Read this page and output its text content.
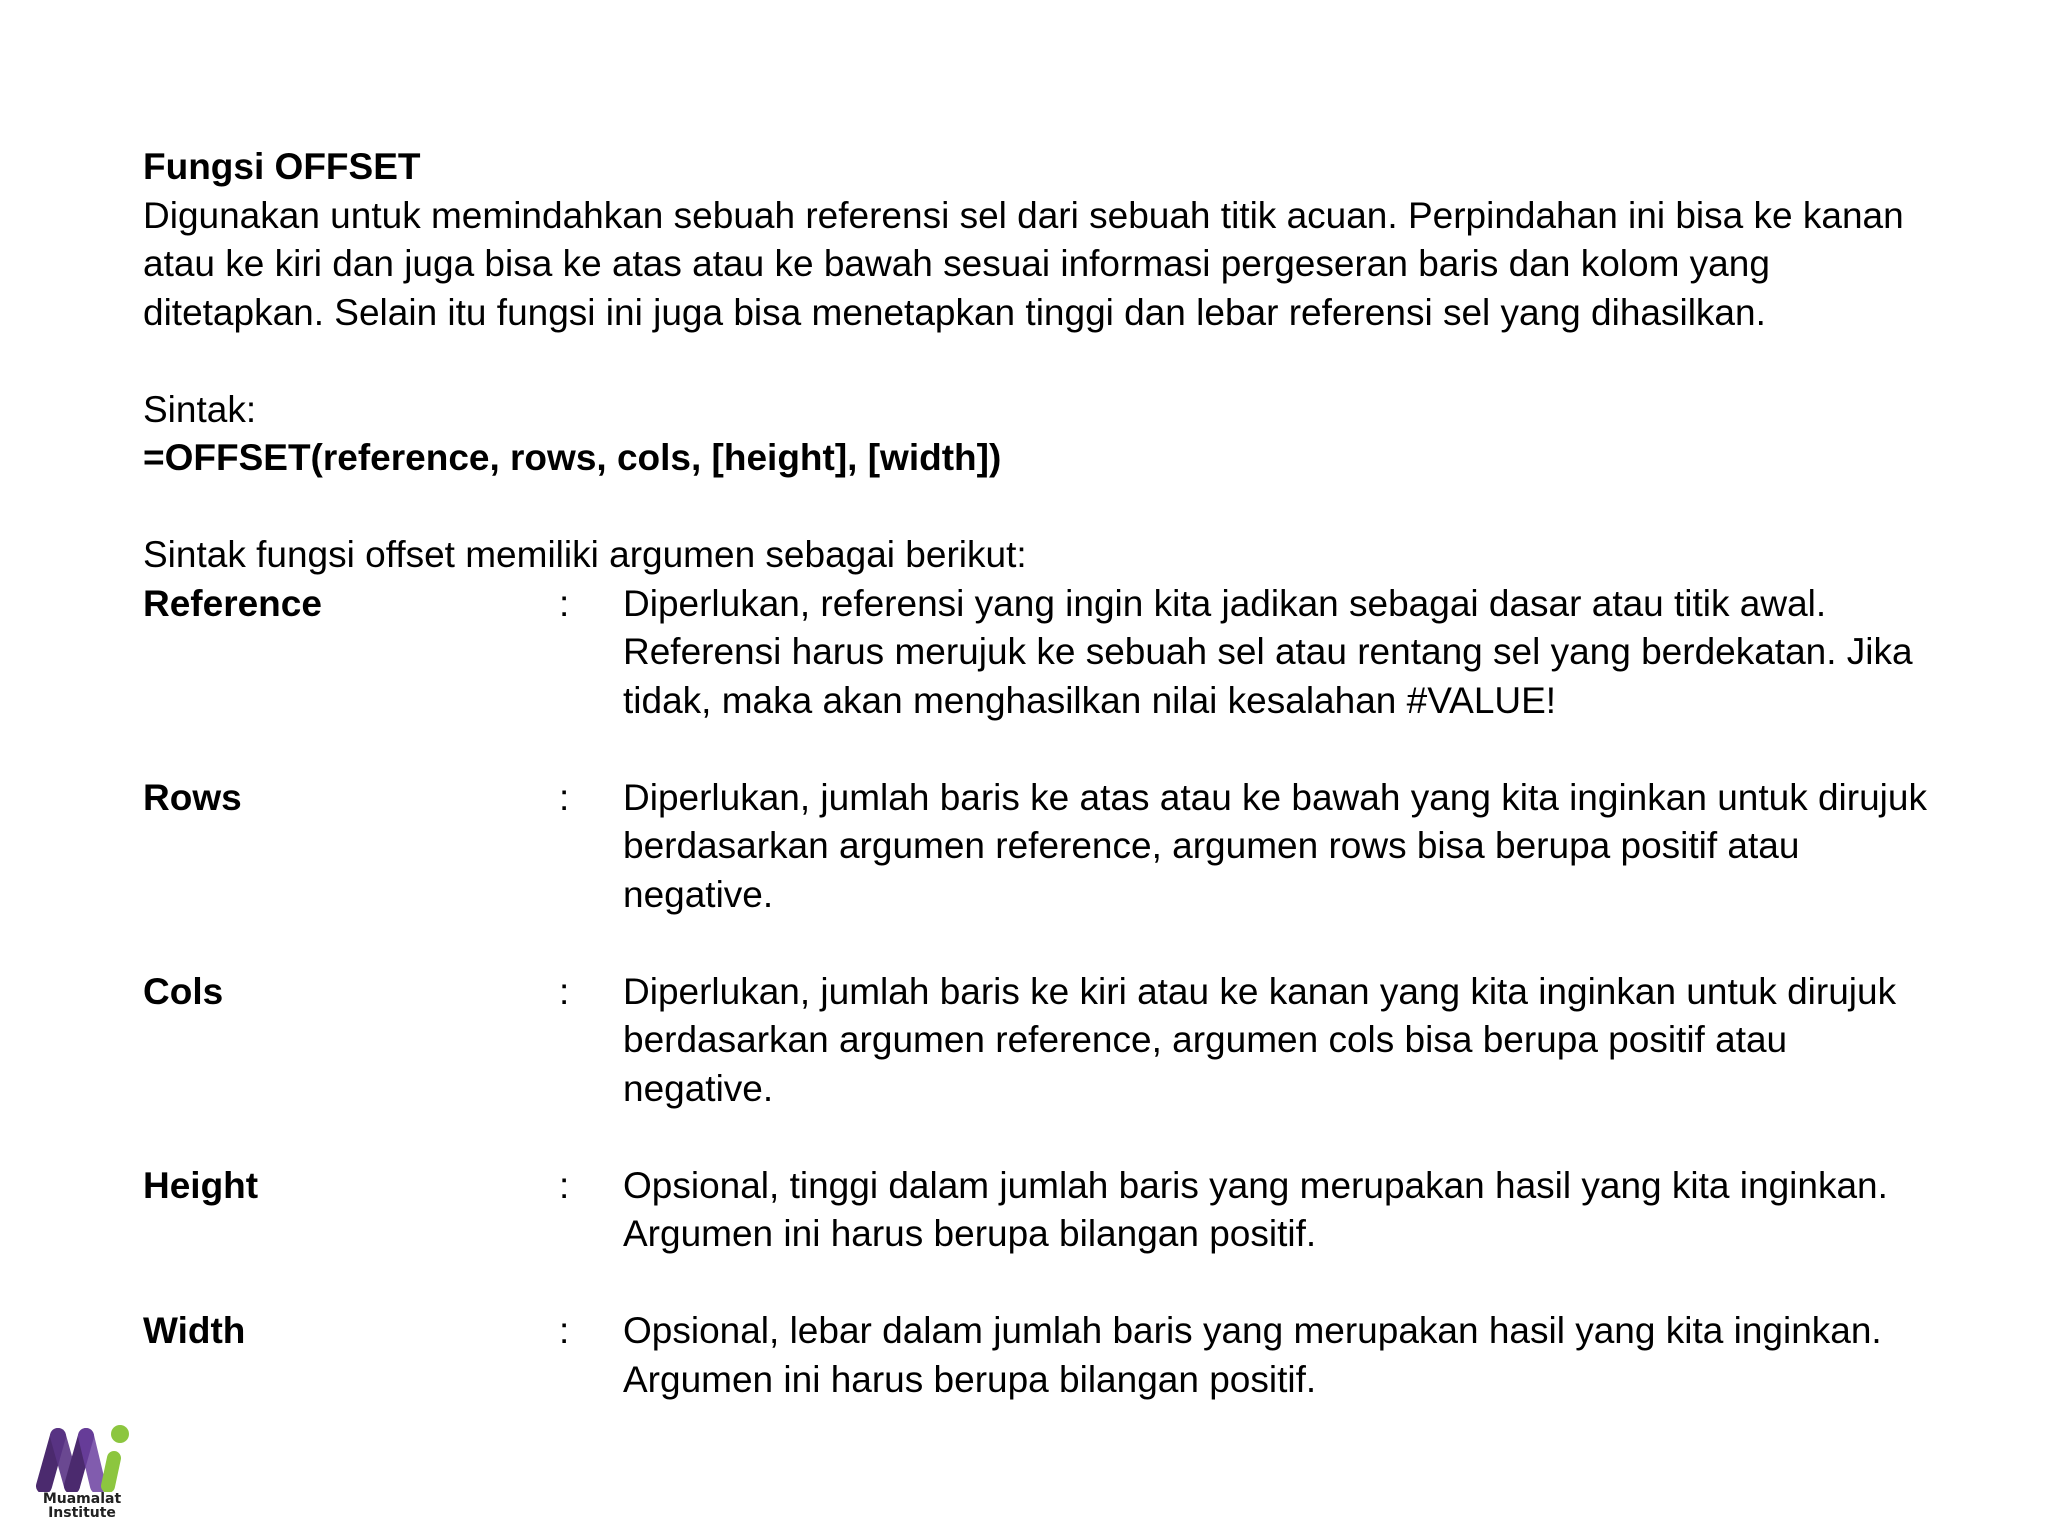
Fungsi OFFSET

Digunakan untuk memindahkan sebuah referensi sel dari sebuah titik acuan. Perpindahan ini bisa ke kanan

atau ke kiri dan juga bisa ke atas atau ke bawah sesuai informasi pergeseran baris dan kolom yang

ditetapkan. Selain itu fungsi ini juga bisa menetapkan tinggi dan lebar referensi sel yang dihasilkan.

Sintak:

=OFFSET(reference, rows, cols, [height], [width])

Sintak fungsi offset memiliki argumen sebagai berikut:

Reference	: Diperlukan, referensi yang ingin kita jadikan sebagai dasar atau titik awal.
Referensi harus merujuk ke sebuah sel atau rentang sel yang berdekatan. Jika
tidak, maka akan menghasilkan nilai kesalahan #VALUE!
Rows	: Diperlukan, jumlah baris ke atas atau ke bawah yang kita inginkan untuk dirujuk
berdasarkan argumen reference, argumen rows bisa berupa positif atau
negative.
Cols	: Diperlukan, jumlah baris ke kiri atau ke kanan yang kita inginkan untuk dirujuk
berdasarkan argumen reference, argumen cols bisa berupa positif atau
negative.
Height	: Opsional, tinggi dalam jumlah baris yang merupakan hasil yang kita inginkan.
Argumen ini harus berupa bilangan positif.
Width	: Opsional, lebar dalam jumlah baris yang merupakan hasil yang kita inginkan.
Argumen ini harus berupa bilangan positif.
Muamalat
Institute
